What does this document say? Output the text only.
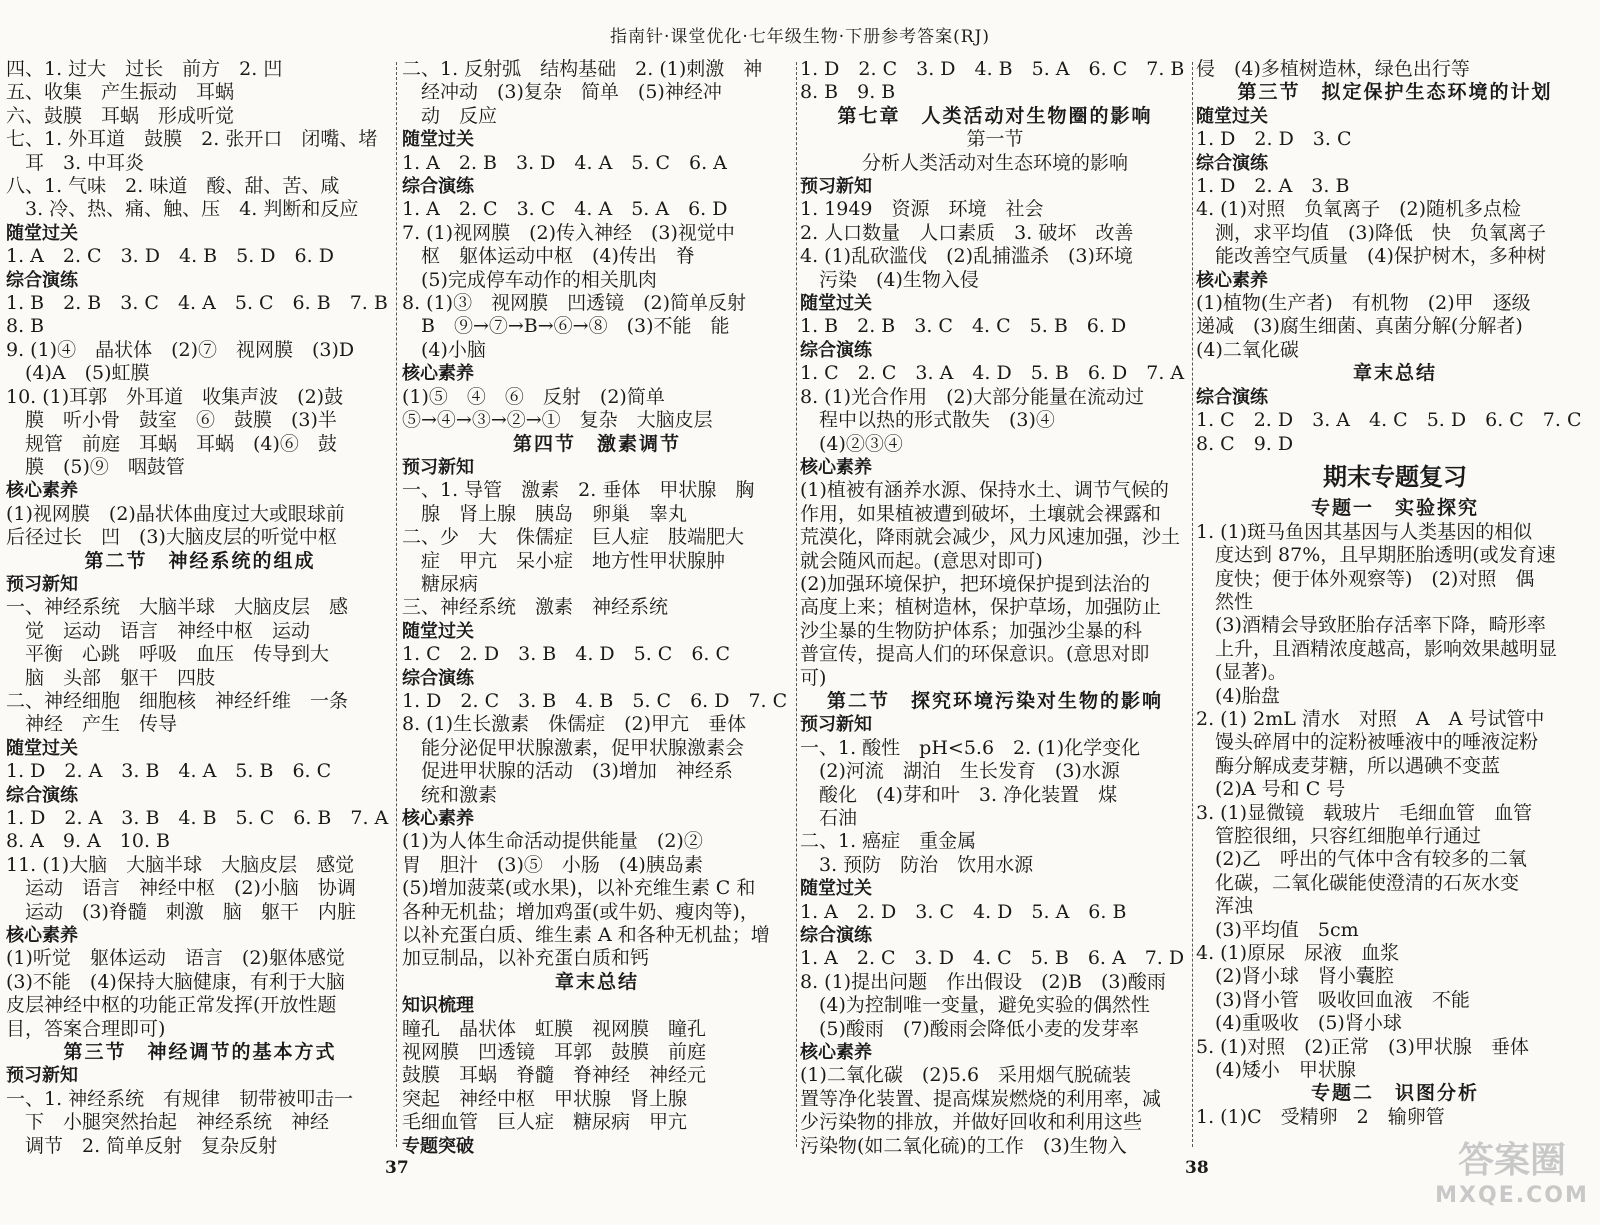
指南针·课堂优化·七年级生物·下册参考答案(RJ)
四、1. 过大　过长　前方　2. 凹
五、收集　产生振动　耳蜗
六、鼓膜　耳蜗　形成听觉
七、1. 外耳道　鼓膜　2. 张开口　闭嘴、堵
　耳　3. 中耳炎
八、1. 气味　2. 味道　酸、甜、苦、咸
　3. 冷、热、痛、触、压　4. 判断和反应
随堂过关
1. A　2. C　3. D　4. B　5. D　6. D
综合演练
1. B　2. B　3. C　4. A　5. C　6. B　7. B
8. B
9. (1)④　晶状体　(2)⑦　视网膜　(3)D
　(4)A　(5)虹膜
10. (1)耳郭　外耳道　收集声波　(2)鼓
　膜　听小骨　鼓室　⑥　鼓膜　(3)半
　规管　前庭　耳蜗　耳蜗　(4)⑥　鼓
　膜　(5)⑨　咽鼓管
核心素养
(1)视网膜　(2)晶状体曲度过大或眼球前
后径过长　凹　(3)大脑皮层的听觉中枢
第二节　神经系统的组成
预习新知
一、神经系统　大脑半球　大脑皮层　感
　觉　运动　语言　神经中枢　运动
　平衡　心跳　呼吸　血压　传导到大
　脑　头部　躯干　四肢
二、神经细胞　细胞核　神经纤维　一条
　神经　产生　传导
随堂过关
1. D　2. A　3. B　4. A　5. B　6. C
综合演练
1. D　2. A　3. B　4. B　5. C　6. B　7. A
8. A　9. A　10. B
11. (1)大脑　大脑半球　大脑皮层　感觉
　运动　语言　神经中枢　(2)小脑　协调
　运动　(3)脊髓　刺激　脑　躯干　内脏
核心素养
(1)听觉　躯体运动　语言　(2)躯体感觉
(3)不能　(4)保持大脑健康，有利于大脑
皮层神经中枢的功能正常发挥(开放性题
目，答案合理即可)
第三节　神经调节的基本方式
预习新知
一、1. 神经系统　有规律　韧带被叩击一
　下　小腿突然抬起　神经系统　神经
　调节　2. 简单反射　复杂反射
二、1. 反射弧　结构基础　2. (1)刺激　神
　经冲动　(3)复杂　简单　(5)神经冲
　动　反应
随堂过关
1. A　2. B　3. D　4. A　5. C　6. A
综合演练
1. A　2. C　3. C　4. A　5. A　6. D
7. (1)视网膜　(2)传入神经　(3)视觉中
　枢　躯体运动中枢　(4)传出　脊
　(5)完成停车动作的相关肌肉
8. (1)③　视网膜　凹透镜　(2)简单反射
　B　⑨→⑦→B→⑥→⑧　(3)不能　能
　(4)小脑
核心素养
(1)⑤　④　⑥　反射　(2)简单
⑤→④→③→②→①　复杂　大脑皮层
第四节　激素调节
预习新知
一、1. 导管　激素　2. 垂体　甲状腺　胸
　腺　肾上腺　胰岛　卵巢　睾丸
二、少　大　侏儒症　巨人症　肢端肥大
　症　甲亢　呆小症　地方性甲状腺肿
　糖尿病
三、神经系统　激素　神经系统
随堂过关
1. C　2. D　3. B　4. D　5. C　6. C
综合演练
1. D　2. C　3. B　4. B　5. C　6. D　7. C
8. (1)生长激素　侏儒症　(2)甲亢　垂体
　能分泌促甲状腺激素，促甲状腺激素会
　促进甲状腺的活动　(3)增加　神经系
　统和激素
核心素养
(1)为人体生命活动提供能量　(2)②
胃　胆汁　(3)⑤　小肠　(4)胰岛素
(5)增加菠菜(或水果)，以补充维生素 C 和
各种无机盐；增加鸡蛋(或牛奶、瘦肉等)，
以补充蛋白质、维生素 A 和各种无机盐；增
加豆制品，以补充蛋白质和钙
章末总结
知识梳理
瞳孔　晶状体　虹膜　视网膜　瞳孔
视网膜　凹透镜　耳郭　鼓膜　前庭
鼓膜　耳蜗　脊髓　脊神经　神经元
突起　神经中枢　甲状腺　肾上腺
毛细血管　巨人症　糖尿病　甲亢
专题突破
1. D　2. C　3. D　4. B　5. A　6. C　7. B
8. B　9. B
第七章　人类活动对生物圈的影响
第一节
分析人类活动对生态环境的影响
预习新知
1. 1949　资源　环境　社会
2. 人口数量　人口素质　3. 破坏　改善
4. (1)乱砍滥伐　(2)乱捕滥杀　(3)环境
　污染　(4)生物入侵
随堂过关
1. B　2. B　3. C　4. C　5. B　6. D
综合演练
1. C　2. C　3. A　4. D　5. B　6. D　7. A
8. (1)光合作用　(2)大部分能量在流动过
　程中以热的形式散失　(3)④
　(4)②③④
核心素养
(1)植被有涵养水源、保持水土、调节气候的
作用，如果植被遭到破坏，土壤就会裸露和
荒漠化，降雨就会减少，风力风速加强，沙土
就会随风而起。(意思对即可)
(2)加强环境保护，把环境保护提到法治的
高度上来；植树造林，保护草场，加强防止
沙尘暴的生物防护体系；加强沙尘暴的科
普宣传，提高人们的环保意识。(意思对即
可)
第二节　探究环境污染对生物的影响
预习新知
一、1. 酸性　pH<5.6　2. (1)化学变化
　(2)河流　湖泊　生长发育　(3)水源
　酸化　(4)芽和叶　3. 净化装置　煤
　石油
二、1. 癌症　重金属
　3. 预防　防治　饮用水源
随堂过关
1. A　2. D　3. C　4. D　5. A　6. B
综合演练
1. A　2. C　3. D　4. C　5. B　6. A　7. D
8. (1)提出问题　作出假设　(2)B　(3)酸雨
　(4)为控制唯一变量，避免实验的偶然性
　(5)酸雨　(7)酸雨会降低小麦的发芽率
核心素养
(1)二氧化碳　(2)5.6　采用烟气脱硫装
置等净化装置、提高煤炭燃烧的利用率，减
少污染物的排放，并做好回收和利用这些
污染物(如二氧化硫)的工作　(3)生物入
侵　(4)多植树造林，绿色出行等
第三节　拟定保护生态环境的计划
随堂过关
1. D　2. D　3. C
综合演练
1. D　2. A　3. B
4. (1)对照　负氧离子　(2)随机多点检
　测，求平均值　(3)降低　快　负氧离子
　能改善空气质量　(4)保护树木，多种树
核心素养
(1)植物(生产者)　有机物　(2)甲　逐级
递减　(3)腐生细菌、真菌分解(分解者)
(4)二氧化碳
章末总结
综合演练
1. C　2. D　3. A　4. C　5. D　6. C　7. C
8. C　9. D
期末专题复习
专题一　实验探究
1. (1)斑马鱼因其基因与人类基因的相似
　度达到 87%，且早期胚胎透明(或发育速
　度快；便于体外观察等)　(2)对照　偶
　然性
　(3)酒精会导致胚胎存活率下降，畸形率
　上升，且酒精浓度越高，影响效果越明显
　(显著)。
　(4)胎盘
2. (1) 2mL 清水　对照　A　A 号试管中
　馒头碎屑中的淀粉被唾液中的唾液淀粉
　酶分解成麦芽糖，所以遇碘不变蓝
　(2)A 号和 C 号
3. (1)显微镜　载玻片　毛细血管　血管
　管腔很细，只容红细胞单行通过
　(2)乙　呼出的气体中含有较多的二氧
　化碳，二氧化碳能使澄清的石灰水变
　浑浊
　(3)平均值　5cm
4. (1)原尿　尿液　血浆
　(2)肾小球　肾小囊腔
　(3)肾小管　吸收回血液　不能
　(4)重吸收　(5)肾小球
5. (1)对照　(2)正常　(3)甲状腺　垂体
　(4)矮小　甲状腺
专题二　识图分析
1. (1)C　受精卵　2　输卵管
37	38	答案圈
MXQE.COM
